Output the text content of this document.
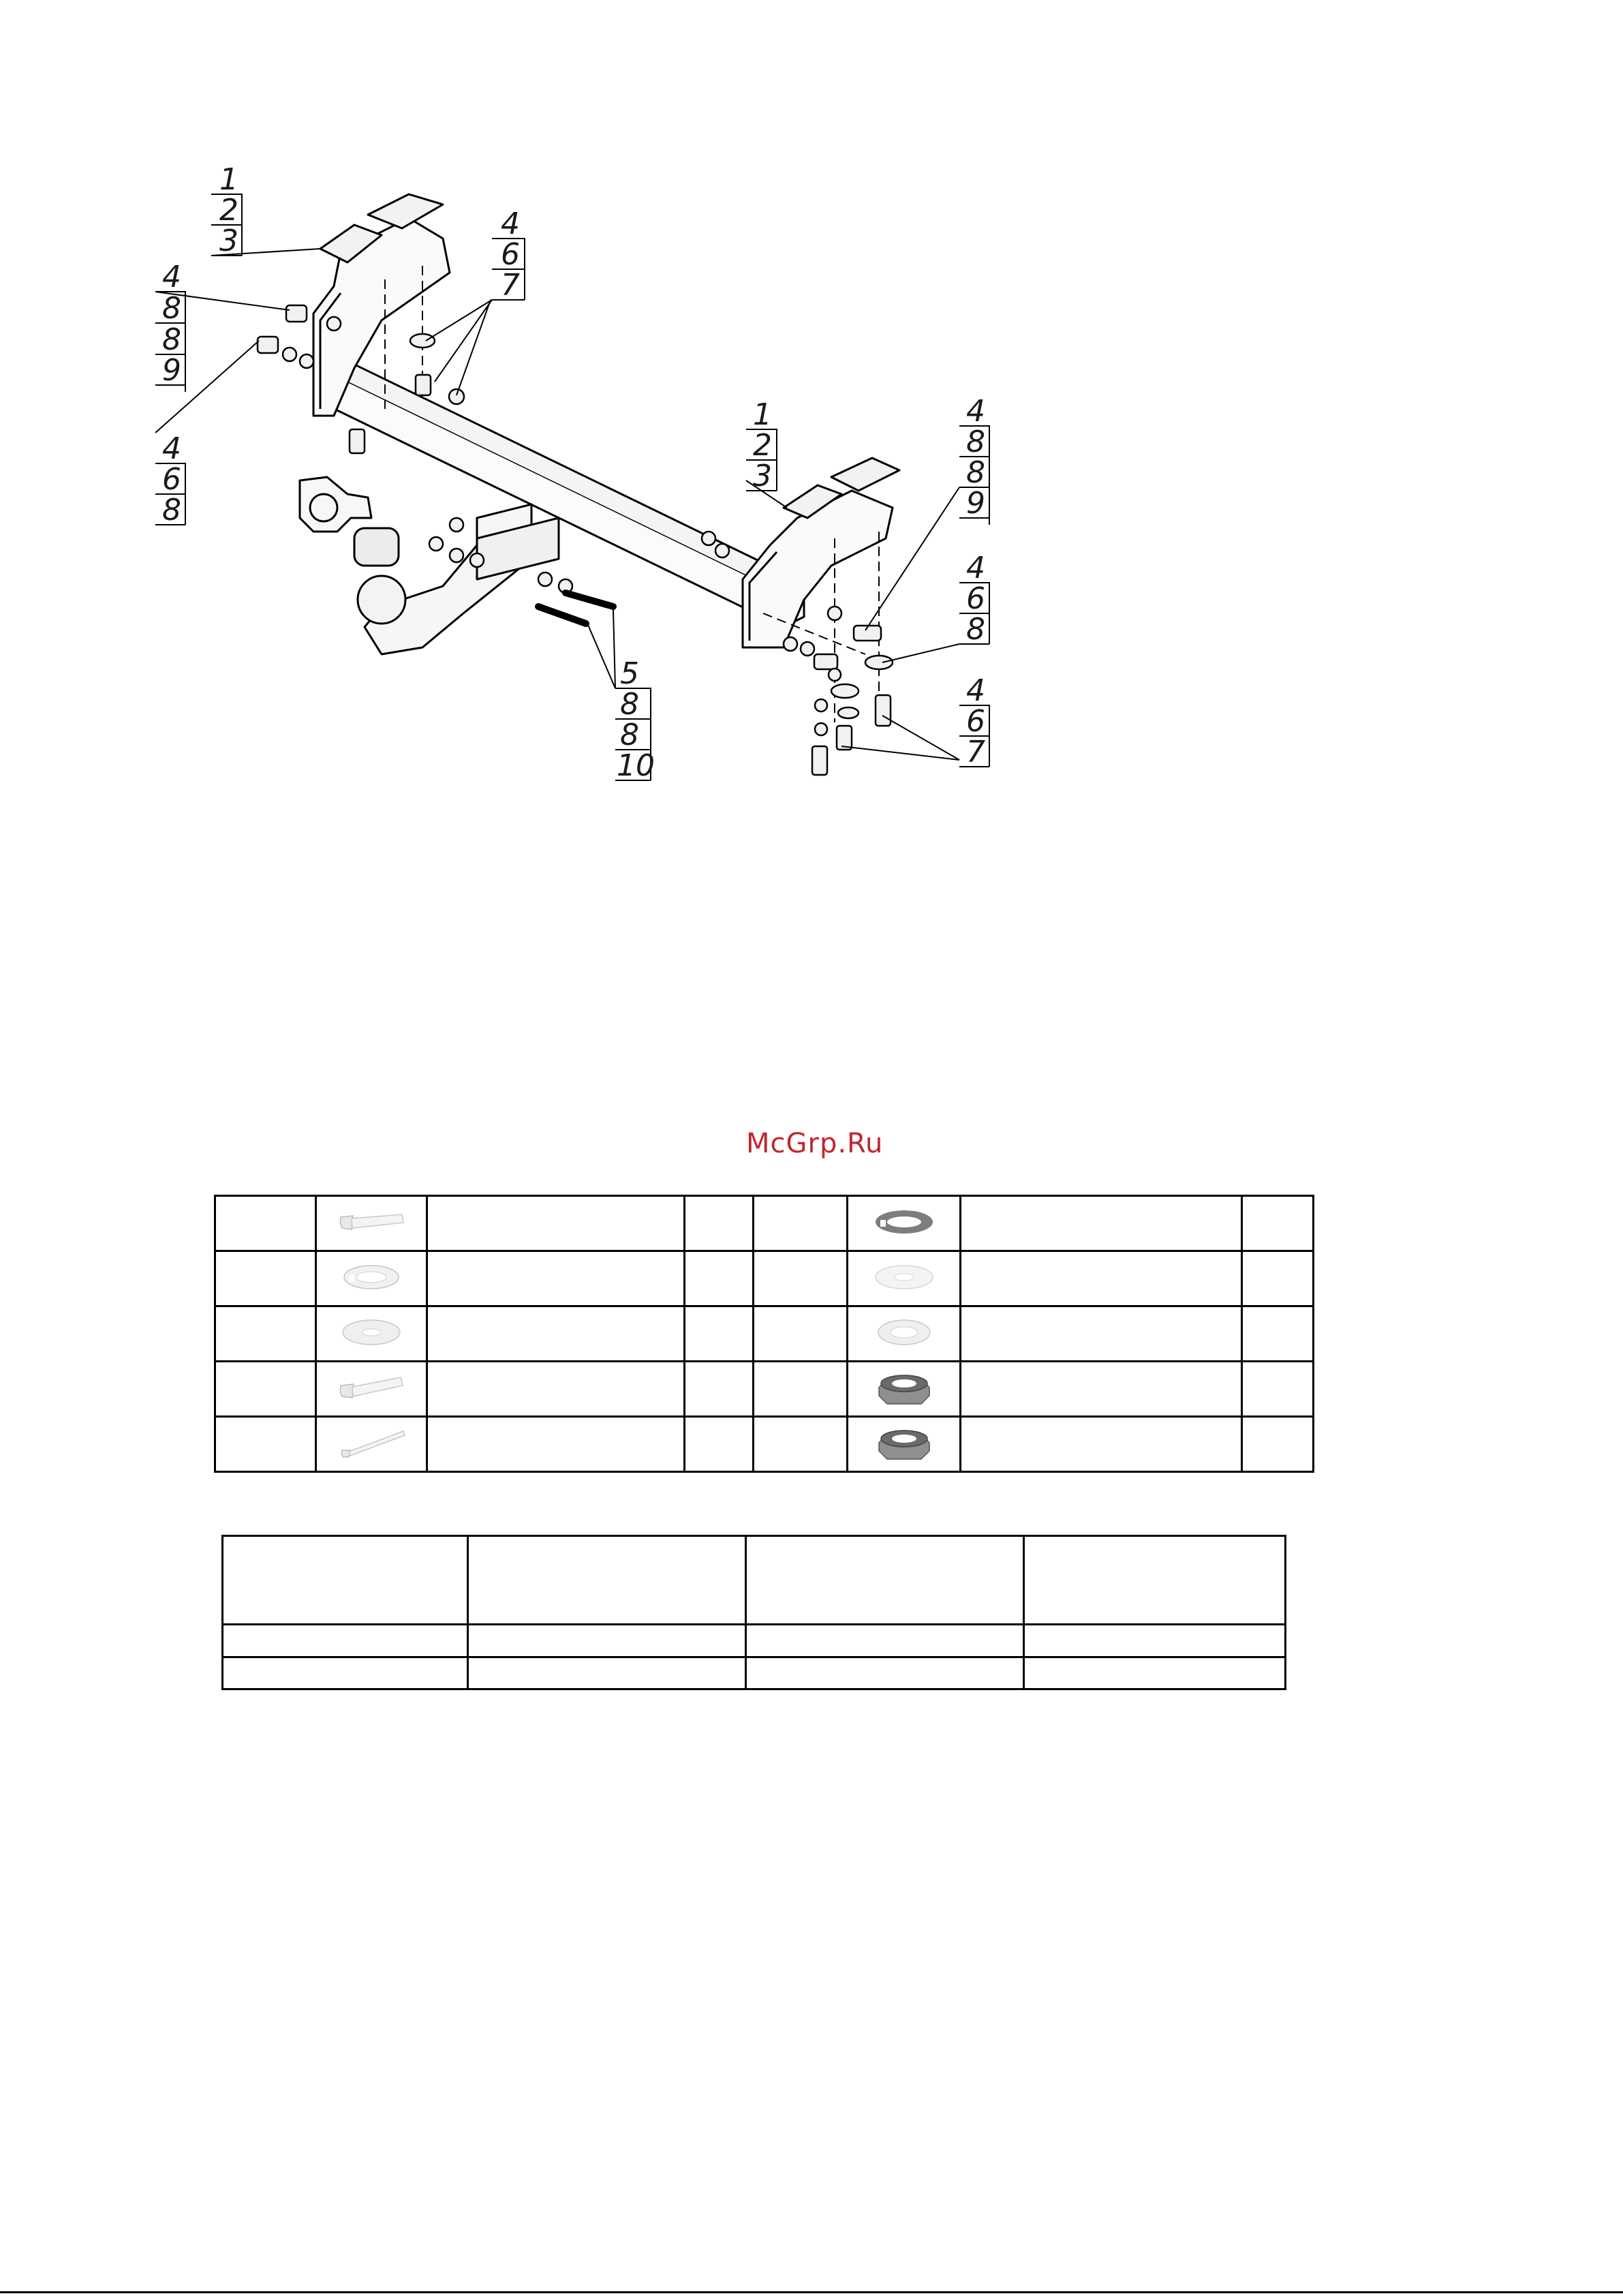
1
2
3	4
6
7
4
8
8
9
4
6
8
1
2
3
4
8
8
9
4
6
8
4
6
7
5
8
8
10
McGrp.Ru
